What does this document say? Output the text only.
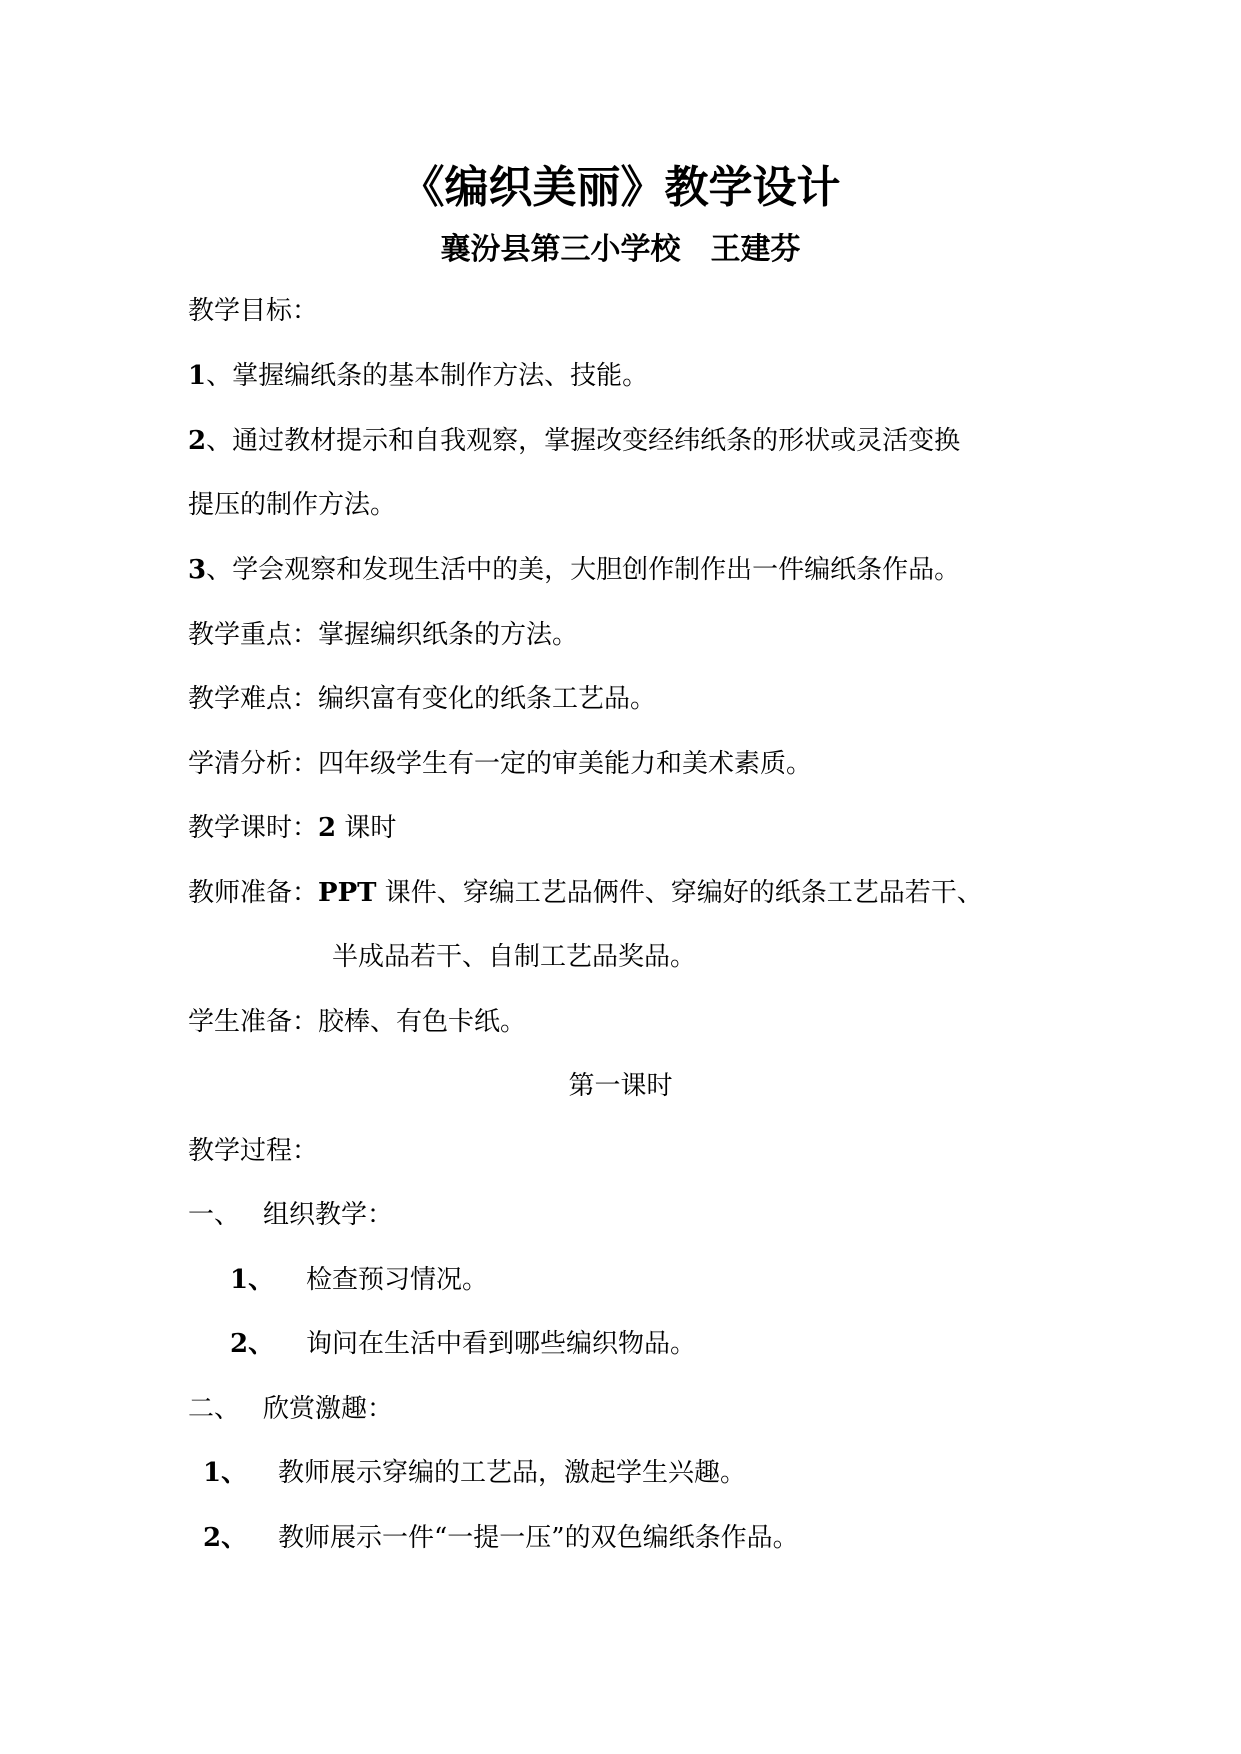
《编织美丽》教学设计
襄汾县第三小学校　王建芬
教学目标：
1、掌握编纸条的基本制作方法、技能。
2、通过教材提示和自我观察，掌握改变经纬纸条的形状或灵活变换
提压的制作方法。
3、学会观察和发现生活中的美，大胆创作制作出一件编纸条作品。
教学重点：掌握编织纸条的方法。
教学难点：编织富有变化的纸条工艺品。
学清分析：四年级学生有一定的审美能力和美术素质。
教学课时：2 课时
教师准备：PPT 课件、穿编工艺品俩件、穿编好的纸条工艺品若干、
半成品若干、自制工艺品奖品。
学生准备：胶棒、有色卡纸。
第一课时
教学过程：
一、 组织教学：
1、 检查预习情况。
2、 询问在生活中看到哪些编织物品。
二、 欣赏激趣：
1、 教师展示穿编的工艺品，激起学生兴趣。
2、 教师展示一件“一提一压”的双色编纸条作品。
